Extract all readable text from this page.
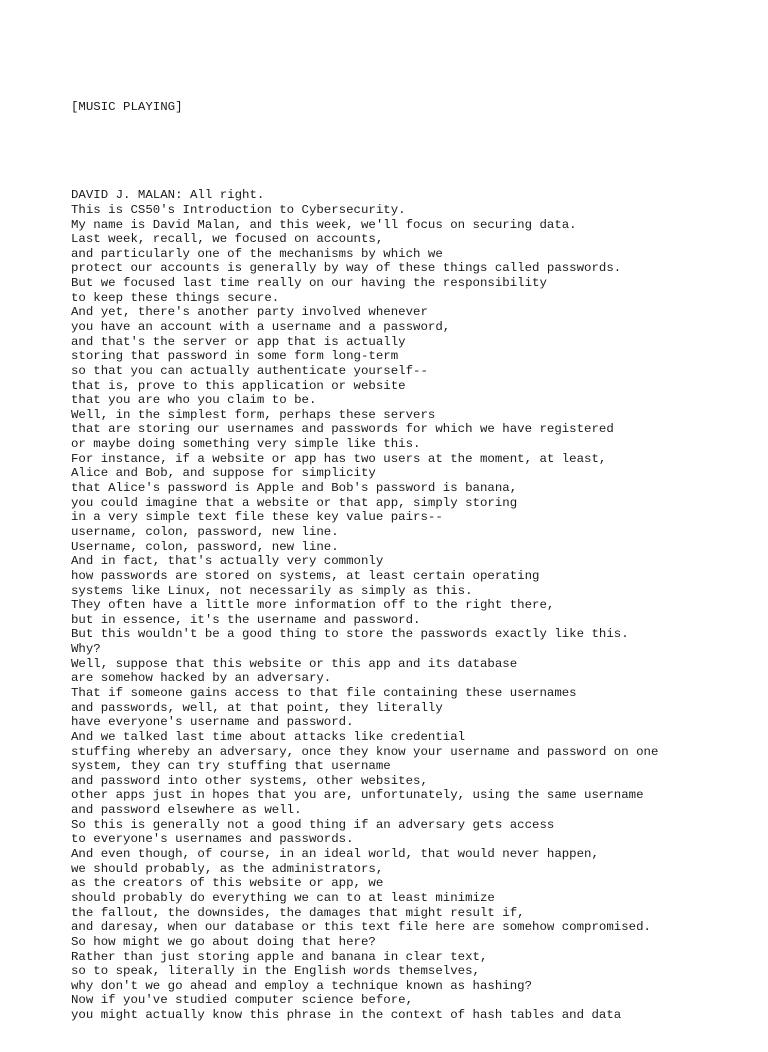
[MUSIC PLAYING]

DAVID J. MALAN: All right.
This is CS50's Introduction to Cybersecurity.
My name is David Malan, and this week, we'll focus on securing data.
Last week, recall, we focused on accounts,
and particularly one of the mechanisms by which we
protect our accounts is generally by way of these things called passwords.
But we focused last time really on our having the responsibility
to keep these things secure.
And yet, there's another party involved whenever
you have an account with a username and a password,
and that's the server or app that is actually
storing that password in some form long-term
so that you can actually authenticate yourself--
that is, prove to this application or website
that you are who you claim to be.
Well, in the simplest form, perhaps these servers
that are storing our usernames and passwords for which we have registered
or maybe doing something very simple like this.
For instance, if a website or app has two users at the moment, at least,
Alice and Bob, and suppose for simplicity
that Alice's password is Apple and Bob's password is banana,
you could imagine that a website or that app, simply storing
in a very simple text file these key value pairs--
username, colon, password, new line.
Username, colon, password, new line.
And in fact, that's actually very commonly
how passwords are stored on systems, at least certain operating
systems like Linux, not necessarily as simply as this.
They often have a little more information off to the right there,
but in essence, it's the username and password.
But this wouldn't be a good thing to store the passwords exactly like this.
Why?
Well, suppose that this website or this app and its database
are somehow hacked by an adversary.
That if someone gains access to that file containing these usernames
and passwords, well, at that point, they literally
have everyone's username and password.
And we talked last time about attacks like credential
stuffing whereby an adversary, once they know your username and password on one
system, they can try stuffing that username
and password into other systems, other websites,
other apps just in hopes that you are, unfortunately, using the same username
and password elsewhere as well.
So this is generally not a good thing if an adversary gets access
to everyone's usernames and passwords.
And even though, of course, in an ideal world, that would never happen,
we should probably, as the administrators,
as the creators of this website or app, we
should probably do everything we can to at least minimize
the fallout, the downsides, the damages that might result if,
and daresay, when our database or this text file here are somehow compromised.
So how might we go about doing that here?
Rather than just storing apple and banana in clear text,
so to speak, literally in the English words themselves,
why don't we go ahead and employ a technique known as hashing?
Now if you've studied computer science before,
you might actually know this phrase in the context of hash tables and data
